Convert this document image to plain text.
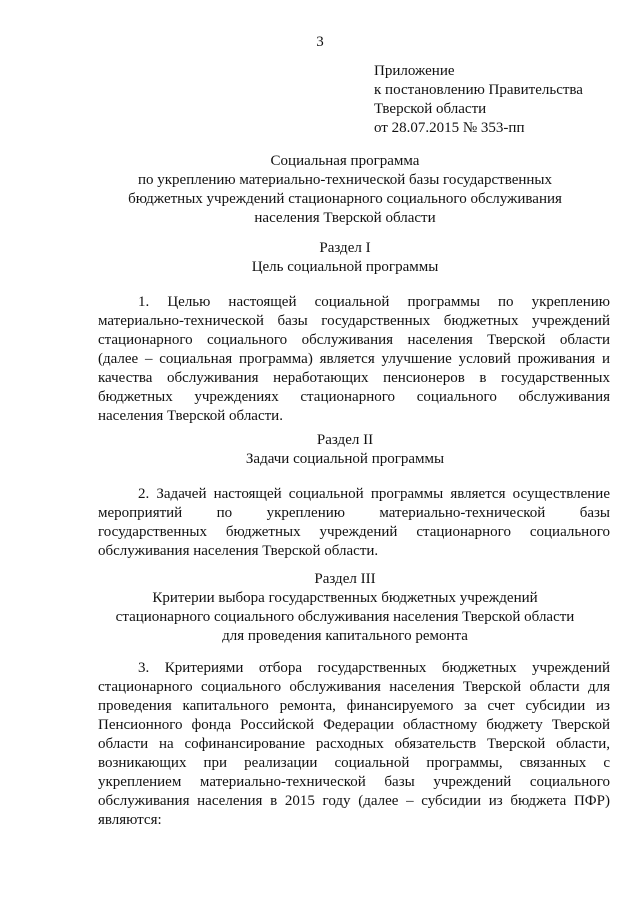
3
Приложение
к постановлению Правительства
Тверской области
от 28.07.2015 № 353-пп
Социальная программа
по укреплению материально-технической базы государственных
бюджетных учреждений стационарного социального обслуживания
населения Тверской области
Раздел I
Цель социальной программы
1. Целью настоящей социальной программы по укреплению
материально-технической базы государственных бюджетных учреждений
стационарного социального обслуживания населения Тверской области
(далее – социальная программа) является улучшение условий проживания и
качества обслуживания неработающих пенсионеров в государственных
бюджетных учреждениях стационарного социального обслуживания
населения Тверской области.
Раздел II
Задачи социальной программы
2. Задачей настоящей социальной программы является осуществление
мероприятий по укреплению материально-технической базы
государственных бюджетных учреждений стационарного социального
обслуживания населения Тверской области.
Раздел III
Критерии выбора государственных бюджетных учреждений
стационарного социального обслуживания населения Тверской области
для проведения капитального ремонта
3. Критериями отбора государственных бюджетных учреждений
стационарного социального обслуживания населения Тверской области для
проведения капитального ремонта, финансируемого за счет субсидии из
Пенсионного фонда Российской Федерации областному бюджету Тверской
области на софинансирование расходных обязательств Тверской области,
возникающих при реализации социальной программы, связанных с
укреплением материально-технической базы учреждений социального
обслуживания населения в 2015 году (далее – субсидии из бюджета ПФР)
являются:
